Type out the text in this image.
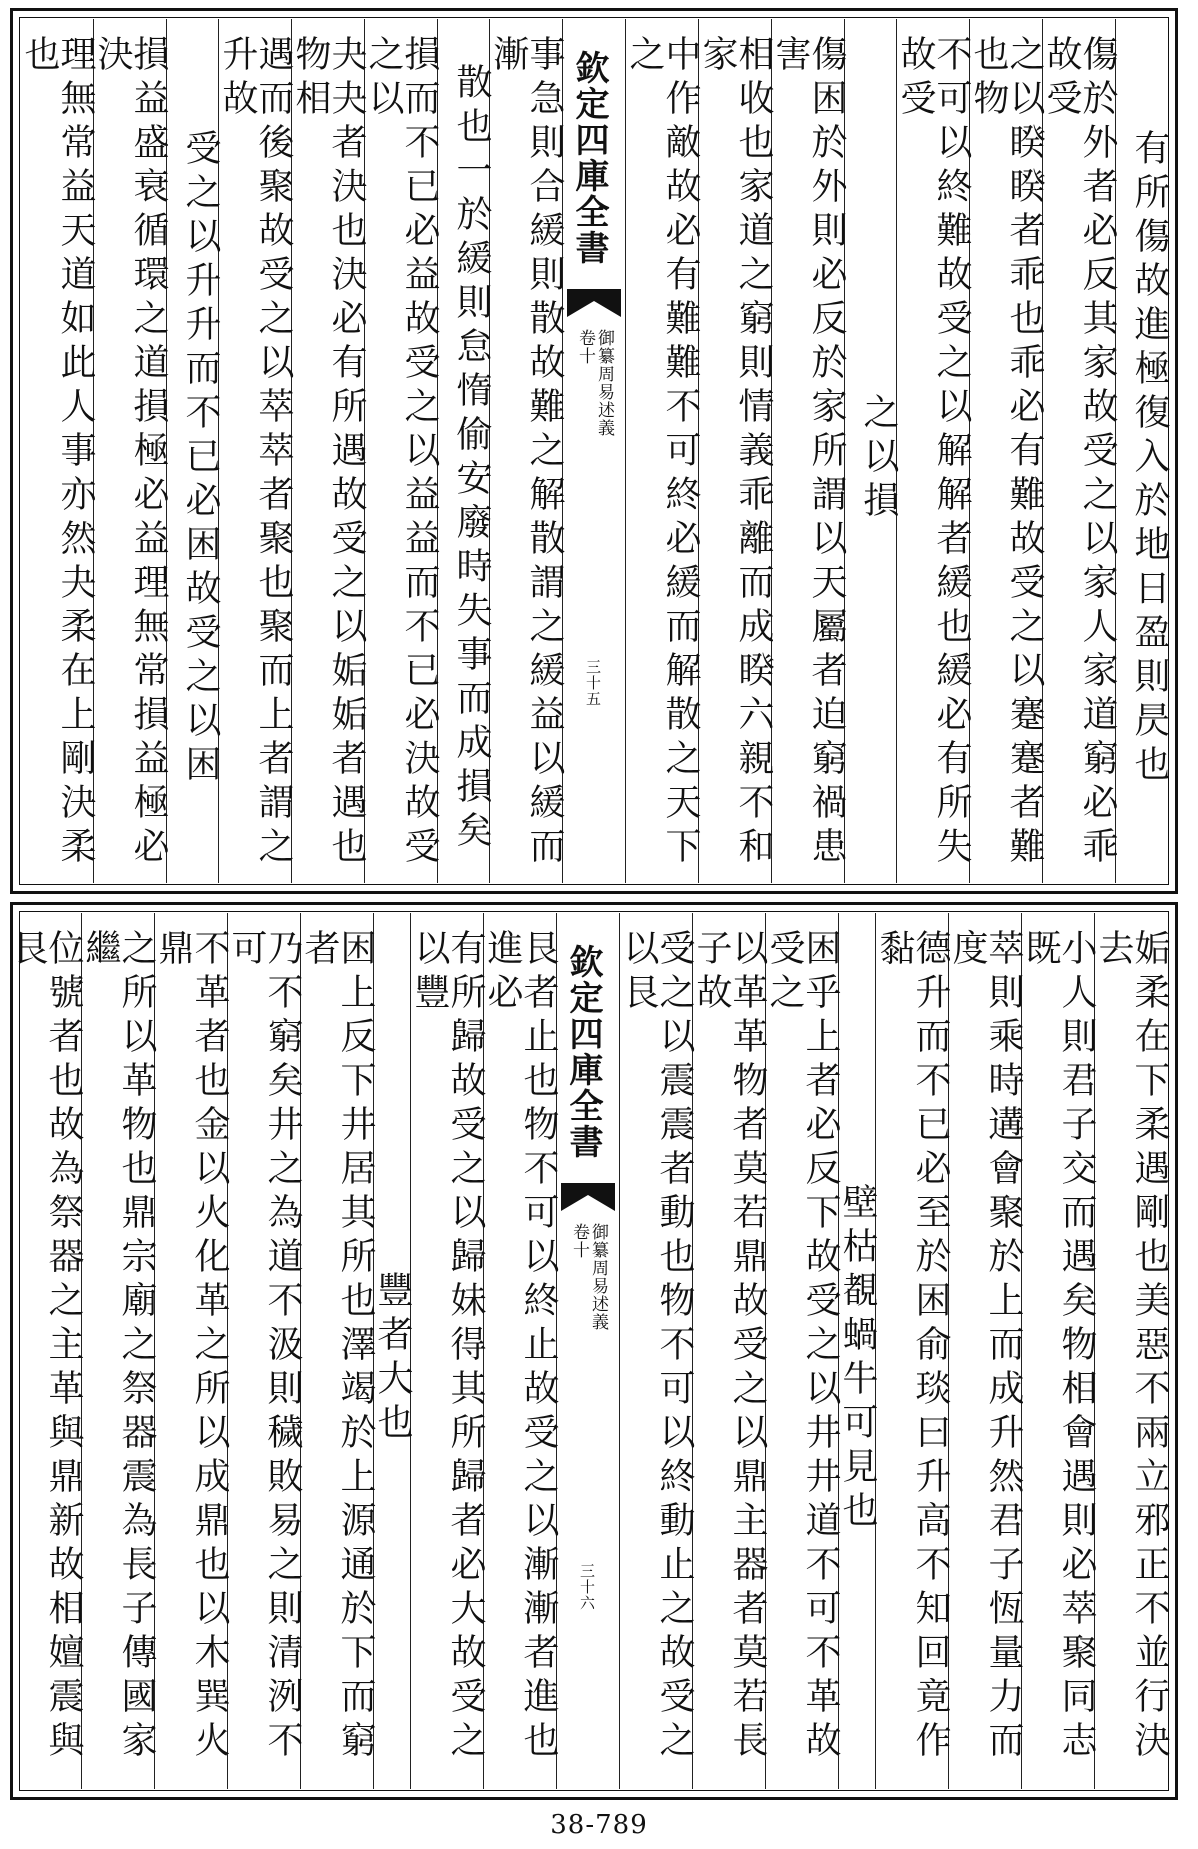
有所傷故進極復入於地日盈則昃也
傷於外者必反其家故受之以家人家道窮必乖故受
之以睽睽者乖也乖必有難故受之以蹇蹇者難也物
不可以終難故受之以解解者緩也緩必有所失故受
之以損
傷困於外則必反於家所謂以天屬者迫窮禍患害
相收也家道之窮則情義乖離而成睽六親不和家
中作敵故必有難難不可終必緩而解散之天下之
欽定四庫全書
御纂周易述義
卷十
三十五
事急則合緩則散故難之解散謂之緩益以緩而漸
散也一於緩則怠惰偷安廢時失事而成損矣
損而不已必益故受之以益益而不已必決故受之以
夬夬者決也決必有所遇故受之以姤姤者遇也物相
遇而後聚故受之以萃萃者聚也聚而上者謂之升故
受之以升升而不已必困故受之以困
損益盛衰循環之道損極必益理無常損益極必決
理無常益天道如此人事亦然夬柔在上剛決柔也
姤柔在下柔遇剛也美惡不兩立邪正不並行決去
小人則君子交而遇矣物相會遇則必萃聚同志既
萃則乘時遘會聚於上而成升然君子恆量力而度
德升而不已必至於困俞琰曰升高不知回竟作黏
壁枯覩蝸牛可見也
困乎上者必反下故受之以井井道不可不革故受之
以革革物者莫若鼎故受之以鼎主器者莫若長子故
受之以震震者動也物不可以終動止之故受之以艮
欽定四庫全書
御纂周易述義
卷十
三十六
艮者止也物不可以終止故受之以漸漸者進也進必
有所歸故受之以歸妹得其所歸者必大故受之以豐
豐者大也
困上反下井居其所也澤竭於上源通於下而窮者
乃不窮矣井之為道不汲則穢敗易之則清洌不可
不革者也金以火化革之所以成鼎也以木巽火鼎
之所以革物也鼎宗廟之祭器震為長子傳國家繼
位號者也故為祭器之主革與鼎新故相嬗震與艮
38-789
